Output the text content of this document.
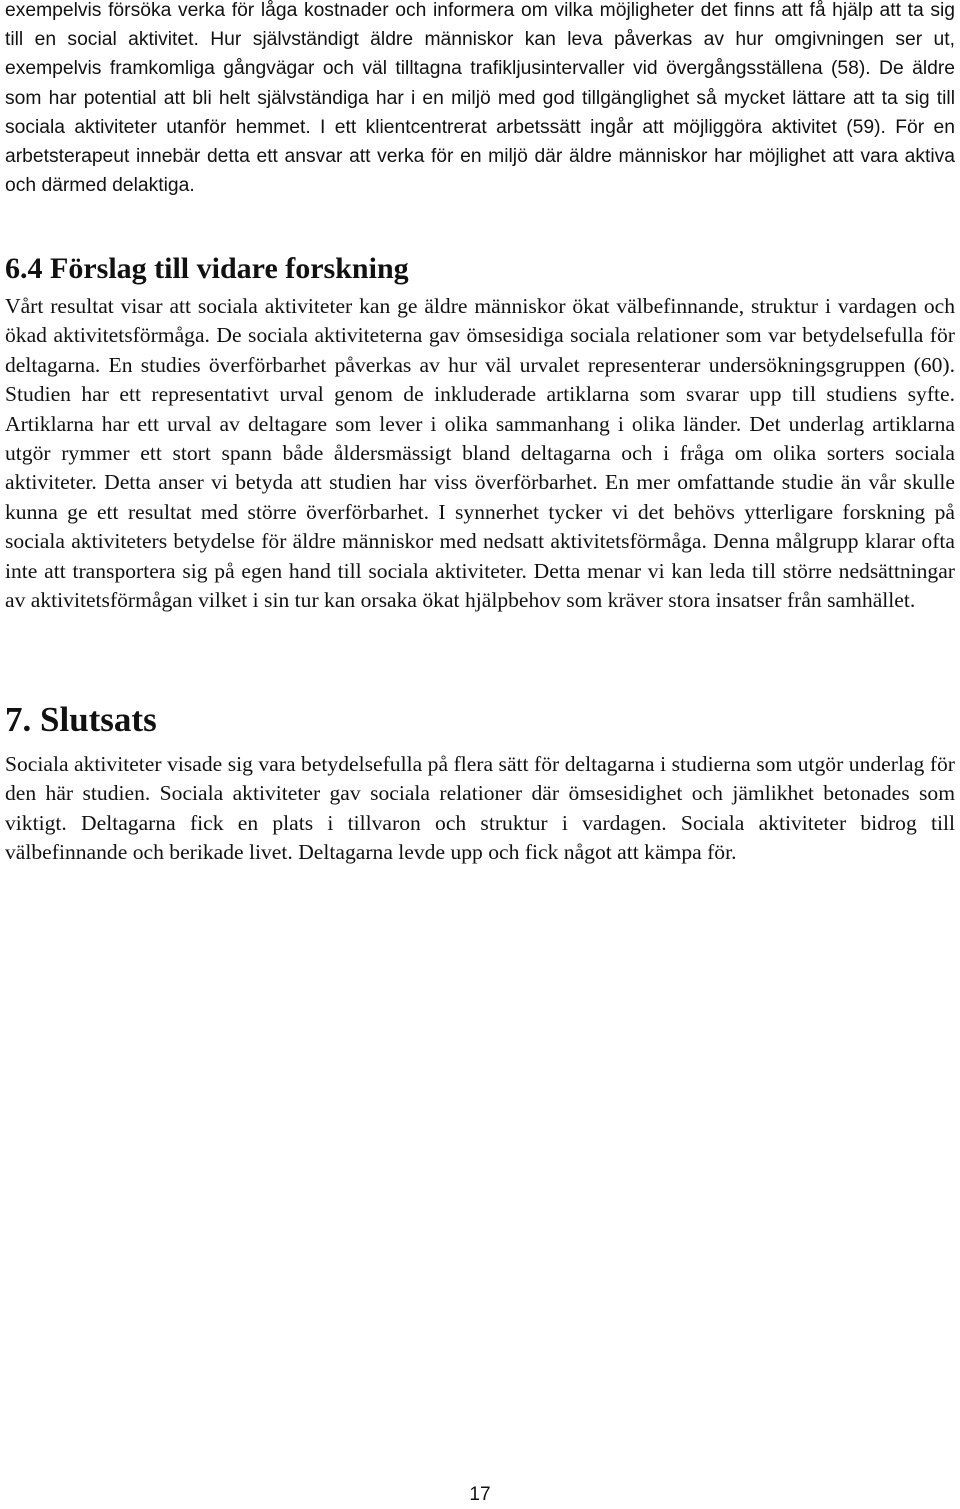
exempelvis försöka verka för låga kostnader och informera om vilka möjligheter det finns att få hjälp att ta sig till en social aktivitet. Hur självständigt äldre människor kan leva påverkas av hur omgivningen ser ut, exempelvis framkomliga gångvägar och väl tilltagna trafikljusintervaller vid övergångsställena (58). De äldre som har potential att bli helt självständiga har i en miljö med god tillgänglighet så mycket lättare att ta sig till sociala aktiviteter utanför hemmet. I ett klientcentrerat arbetssätt ingår att möjliggöra aktivitet (59). För en arbetsterapeut innebär detta ett ansvar att verka för en miljö där äldre människor har möjlighet att vara aktiva och därmed delaktiga.

6.4 Förslag till vidare forskning

Vårt resultat visar att sociala aktiviteter kan ge äldre människor ökat välbefinnande, struktur i vardagen och ökad aktivitetsförmåga. De sociala aktiviteterna gav ömsesidiga sociala relationer som var betydelsefulla för deltagarna. En studies överförbarhet påverkas av hur väl urvalet representerar undersökningsgruppen (60). Studien har ett representativt urval genom de inkluderade artiklarna som svarar upp till studiens syfte. Artiklarna har ett urval av deltagare som lever i olika sammanhang i olika länder. Det underlag artiklarna utgör rymmer ett stort spann både åldersmässigt bland deltagarna och i fråga om olika sorters sociala aktiviteter. Detta anser vi betyda att studien har viss överförbarhet. En mer omfattande studie än vår skulle kunna ge ett resultat med större överförbarhet. I synnerhet tycker vi det behövs ytterligare forskning på sociala aktiviteters betydelse för äldre människor med nedsatt aktivitetsförmåga. Denna målgrupp klarar ofta inte att transportera sig på egen hand till sociala aktiviteter. Detta menar vi kan leda till större nedsättningar av aktivitetsförmågan vilket i sin tur kan orsaka ökat hjälpbehov som kräver stora insatser från samhället.

7. Slutsats

Sociala aktiviteter visade sig vara betydelsefulla på flera sätt för deltagarna i studierna som utgör underlag för den här studien. Sociala aktiviteter gav sociala relationer där ömsesidighet och jämlikhet betonades som viktigt. Deltagarna fick en plats i tillvaron och struktur i vardagen. Sociala aktiviteter bidrog till välbefinnande och berikade livet. Deltagarna levde upp och fick något att kämpa för.

17
